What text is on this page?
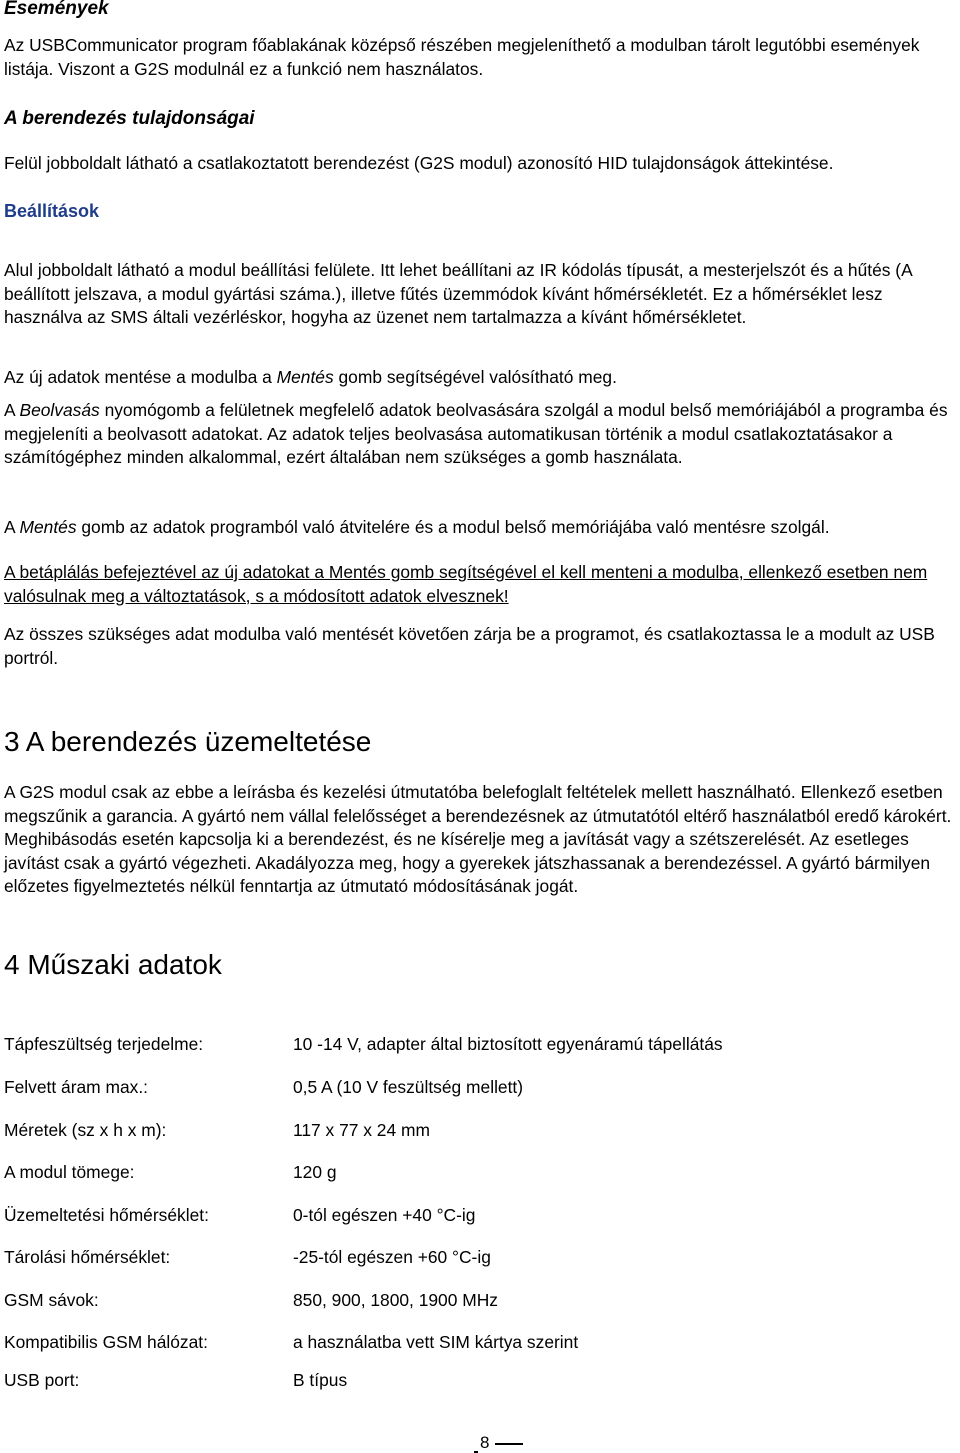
Események

Az USBCommunicator program főablakának középső részében megjeleníthető a modulban tárolt legutóbbi események listája. Viszont a G2S modulnál ez a funkció nem használatos.

A berendezés tulajdonságai

Felül jobboldalt látható a csatlakoztatott berendezést (G2S modul) azonosító HID tulajdonságok áttekintése.

Beállítások

Alul jobboldalt látható a modul beállítási felülete. Itt lehet beállítani az IR kódolás típusát, a mesterjelszót és a hűtés (A beállított jelszava, a modul gyártási száma.), illetve fűtés üzemmódok kívánt hőmérsékletét. Ez a hőmérséklet lesz használva az SMS általi vezérléskor, hogyha az üzenet nem tartalmazza a kívánt hőmérsékletet.

Az új adatok mentése a modulba a Mentés gomb segítségével valósítható meg.

A Beolvasás nyomógomb a felületnek megfelelő adatok beolvasására szolgál a modul belső memóriájából a programba és megjeleníti a beolvasott adatokat. Az adatok teljes beolvasása automatikusan történik a modul csatlakoztatásakor a számítógéphez minden alkalommal, ezért általában nem szükséges a gomb használata.

A Mentés gomb az adatok programból való átvitelére és a modul belső memóriájába való mentésre szolgál.

A betáplálás befejeztével az új adatokat a Mentés gomb segítségével el kell menteni a modulba, ellenkező esetben nem valósulnak meg a változtatások, s a módosított adatok elvesznek!

Az összes szükséges adat modulba való mentését követően zárja be a programot, és csatlakoztassa le a modult az USB portról.

3 A berendezés üzemeltetése

A G2S modul csak az ebbe a leírásba és kezelési útmutatóba belefoglalt feltételek mellett használható. Ellenkező esetben megszűnik a garancia. A gyártó nem vállal felelősséget a berendezésnek az útmutatótól eltérő használatból eredő károkért. Meghibásodás esetén kapcsolja ki a berendezést, és ne kísérelje meg a javítását vagy a szétszerelését. Az esetleges javítást csak a gyártó végezheti. Akadályozza meg, hogy a gyerekek játszhassanak a berendezéssel. A gyártó bármilyen előzetes figyelmeztetés nélkül fenntartja az útmutató módosításának jogát.

4 Műszaki adatok
Tápfeszültség terjedelme:	10 -14 V, adapter által biztosított egyenáramú tápellátás
Felvett áram max.:	0,5 A (10 V feszültség mellett)
Méretek (sz x h x m):	117 x 77 x 24 mm
A modul tömege:	120 g
Üzemeltetési hőmérséklet:	0-tól egészen +40 °C-ig
Tárolási hőmérséklet:	-25-tól egészen +60 °C-ig
GSM sávok:	850, 900, 1800, 1900 MHz
Kompatibilis GSM hálózat:	a használatba vett SIM kártya szerint
USB port:	B típus
8
